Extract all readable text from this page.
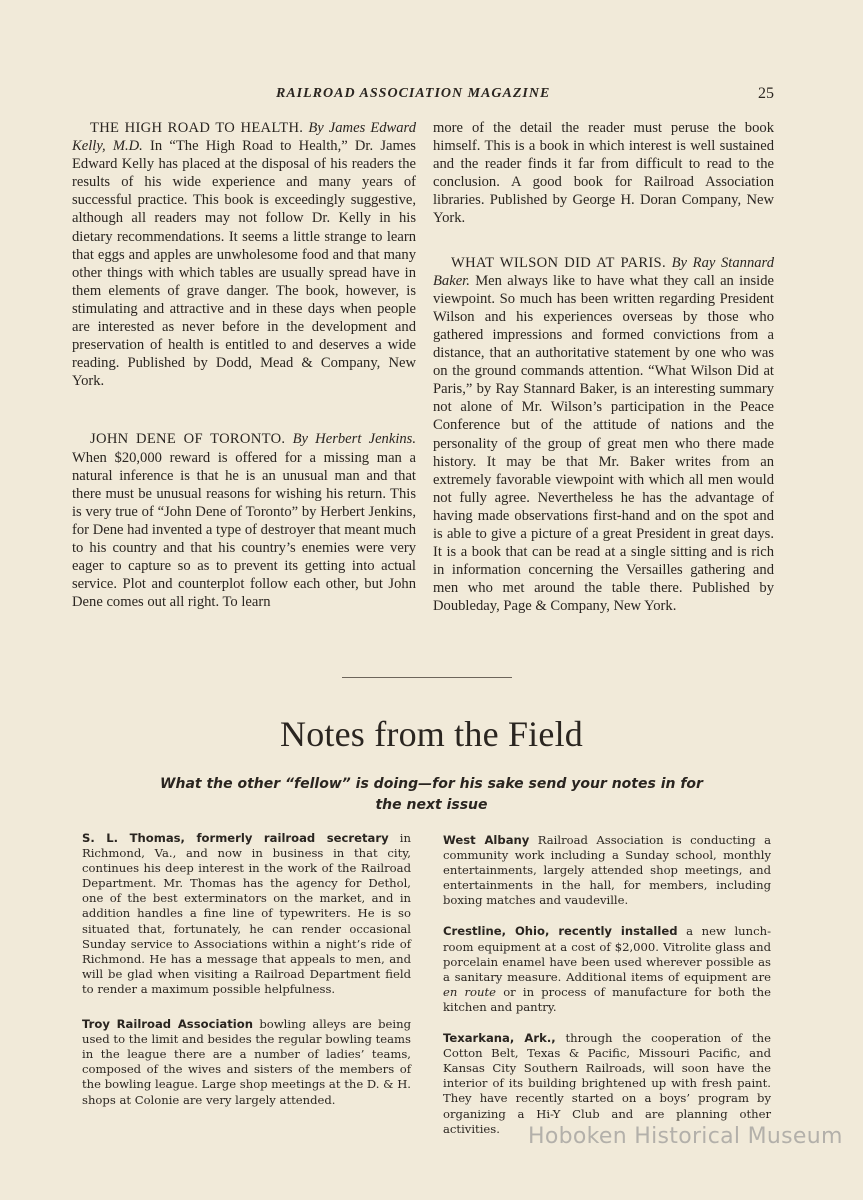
RAILROAD ASSOCIATION MAGAZINE	25

THE HIGH ROAD TO HEALTH. By James Edward Kelly, M.D. In “The High Road to Health,” Dr. James Edward Kelly has placed at the disposal of his readers the results of his wide experience and many years of successful practice. This book is exceedingly suggestive, although all readers may not follow Dr. Kelly in his dietary recommendations. It seems a little strange to learn that eggs and apples are unwholesome food and that many other things with which tables are usually spread have in them elements of grave danger. The book, however, is stimulating and attractive and in these days when people are interested as never before in the development and preservation of health is entitled to and deserves a wide reading. Published by Dodd, Mead & Company, New York.

JOHN DENE OF TORONTO. By Herbert Jenkins. When $20,000 reward is offered for a missing man a natural inference is that he is an unusual man and that there must be unusual reasons for wishing his return. This is very true of “John Dene of Toronto” by Herbert Jenkins, for Dene had invented a type of destroyer that meant much to his country and that his country’s enemies were very eager to capture so as to prevent its getting into actual service. Plot and counterplot follow each other, but John Dene comes out all right. To learn

more of the detail the reader must peruse the book himself. This is a book in which interest is well sustained and the reader finds it far from difficult to read to the conclusion. A good book for Railroad Association libraries. Published by George H. Doran Company, New York.

WHAT WILSON DID AT PARIS. By Ray Stannard Baker. Men always like to have what they call an inside viewpoint. So much has been written regarding President Wilson and his experiences overseas by those who gathered impressions and formed convictions from a distance, that an authoritative statement by one who was on the ground commands attention. “What Wilson Did at Paris,” by Ray Stannard Baker, is an interesting summary not alone of Mr. Wilson’s participation in the Peace Conference but of the attitude of nations and the personality of the group of great men who there made history. It may be that Mr. Baker writes from an extremely favorable viewpoint with which all men would not fully agree. Nevertheless he has the advantage of having made observations first-hand and on the spot and is able to give a picture of a great President in great days. It is a book that can be read at a single sitting and is rich in information concerning the Versailles gathering and men who met around the table there. Published by Doubleday, Page & Company, New York.

Notes from the Field
What the other “fellow” is doing—for his sake send your notes in for the next issue

S. L. Thomas, formerly railroad secretary in Richmond, Va., and now in business in that city, continues his deep interest in the work of the Railroad Department. Mr. Thomas has the agency for Dethol, one of the best exterminators on the market, and in addition handles a fine line of typewriters. He is so situated that, fortunately, he can render occasional Sunday service to Associations within a night’s ride of Richmond. He has a message that appeals to men, and will be glad when visiting a Railroad Department field to render a maximum possible helpfulness.

Troy Railroad Association bowling alleys are being used to the limit and besides the regular bowling teams in the league there are a number of ladies’ teams, composed of the wives and sisters of the members of the bowling league. Large shop meetings at the D. & H. shops at Colonie are very largely attended.

West Albany Railroad Association is conducting a community work including a Sunday school, monthly entertainments, largely attended shop meetings, and entertainments in the hall, for members, including boxing matches and vaudeville.

Crestline, Ohio, recently installed a new lunch-room equipment at a cost of $2,000. Vitrolite glass and porcelain enamel have been used wherever possible as a sanitary measure. Additional items of equipment are en route or in process of manufacture for both the kitchen and pantry.

Texarkana, Ark., through the cooperation of the Cotton Belt, Texas & Pacific, Missouri Pacific, and Kansas City Southern Railroads, will soon have the interior of its building brightened up with fresh paint. They have recently started on a boys’ program by organizing a Hi-Y Club and are planning other activities.	Hoboken Historical Museum
